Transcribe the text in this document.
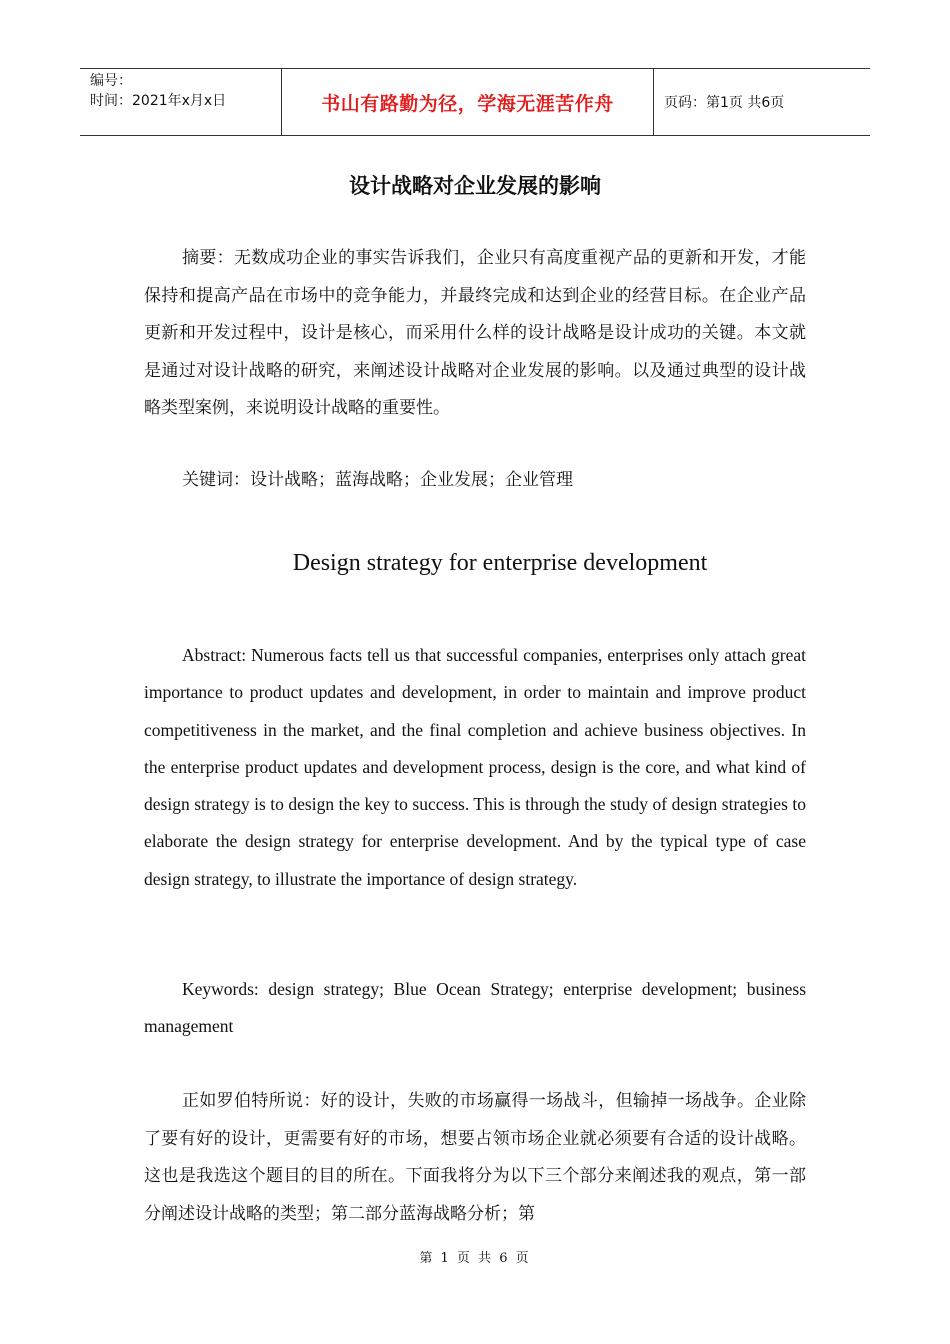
编号：
时间：2021年x月x日	书山有路勤为径，学海无涯苦作舟	页码：第1页 共6页
设计战略对企业发展的影响
摘要：无数成功企业的事实告诉我们，企业只有高度重视产品的更新和开发，才能保持和提高产品在市场中的竞争能力，并最终完成和达到企业的经营目标。在企业产品更新和开发过程中，设计是核心，而采用什么样的设计战略是设计成功的关键。本文就是通过对设计战略的研究，来阐述设计战略对企业发展的影响。以及通过典型的设计战略类型案例，来说明设计战略的重要性。
关键词：设计战略；蓝海战略；企业发展；企业管理
Design strategy for enterprise development
Abstract: Numerous facts tell us that successful companies, enterprises only attach great importance to product updates and development, in order to maintain and improve product competitiveness in the market, and the final completion and achieve business objectives. In the enterprise product updates and development process, design is the core, and what kind of design strategy is to design the key to success. This is through the study of design strategies to elaborate the design strategy for enterprise development. And by the typical type of case design strategy, to illustrate the importance of design strategy.
Keywords: design strategy; Blue Ocean Strategy; enterprise development; business management
正如罗伯特所说：好的设计，失败的市场赢得一场战斗，但输掉一场战争。企业除了要有好的设计，更需要有好的市场，想要占领市场企业就必须要有合适的设计战略。这也是我选这个题目的目的所在。下面我将分为以下三个部分来阐述我的观点，第一部分阐述设计战略的类型；第二部分蓝海战略分析；第
第 1 页 共 6 页
